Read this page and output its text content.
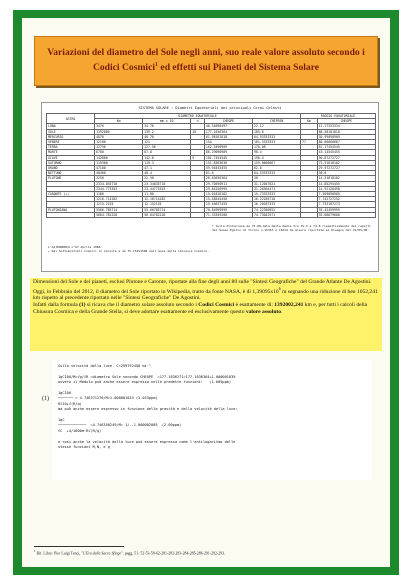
Variazioni del diametro del Sole negli anni, suo reale valore assoluto secondo i
Codici Cosmici$^1$ ed effetti sui Pianeti del Sistema Solare
SISTEMA SOLARE : Diametri Equatoriali dei principali Corpi Celesti
ASTRO	DIAMETRO EQUATORIALE					RAGGIO EQUATORIALE	
	Km	mm x 10	n	CHEOPE	CHEFREN	Km	CHEOPE
LUNA	3476	34.76		48.34698497	22.12		12.17333334
SOLE	1392000	139.2	10	177.1636364	185.6		88.58181818
MERCURIO	4870	48.70		61.98181818	64.93333333		30.99090909
VENERE	12100	121		154	161.3333333	77	80.66666667
TERRA	12756	127.56		162.3490909	170.08		81.17454545
MARTE	6780	67.8		86.29090909	90.4		43.14545455
GIOVE	142800	142.8	9	181.7454545	190.4		90.87272727
SATURNO	119300	119.3		151.8363636	159.0666667		75.91818182
URANO	47100	47.1		59.94545455	62.8		29.97272727
NETTUNO	48400	48.4		61.6	64.53333333		30.8
PLUTONE	2250	22.50		28.63636364	30		14.31818182
	2334.035716	23.34035716		29.70590911	31.12047621		14.85295455
	2344.773353	23.44773353		29.84256995	31.26364471		14.92128498
CARONTE (+)	1180	11.80		15.01818182	15.73333333		7.509090909
	1216.714282	12.16714282		15.48545450	16.22285710		7.742727252
	1215.2155	12.152155		15.46637455	16.20287333		7.733187273
PLUTONIANA	5566.785714	55.66785714		70.84999999	74.22380952		35.42499999
	5604.782228	56.04782228		71.33359200	74.73042971		35.66679600
* Sulla Plutoniana da 75.08,data della media tra 75.3 e 74.8 rispettivamente dei reperti del museo Egizio di Torino n.15363 e 15614 da misure riportate al Disegno del 21/05/90.
L'ASTRONOMIA n°67 Aprile 1988
+ Dai Sottomultipli Cosmici in Caronte e da 75.15151508 dall'asse della Chiusura Cosmica .

Dimensioni del Sole e dei pianeti, esclusi Plutone e Caronte, riportate alla fine degli anni 80 sulle "Sintesi Geografiche" del Grande Atlante De Agostini.

Oggi, in Febbraio del 2012, il diametro del Sole riportato in Wikipedia, tratto da fonte NASA, è di $1,39095x10^6$ m segnando una riduzione di ben 1052,241 km rispetto al precedente riportato nelle "Sintesi Geografiche" De Agostini.

Infatti dalla formula (1) si ricava che il diametro solare assoluto secondo i Codici Cosmici è esattamente di: 1392002,241 km e, per tutti i calcoli della Chiusura Cosmica e della Grande Stella, si deve adottare esattamente ed esclusivamente questo valore assoluto.

Sulla velocità della luce  C=299792458 ms⁻¹

1gC100/M=√g/√R =diametro Sole secondo CHEOPE  =177.1636271=177.1636364+1.000001839
ovvero il Modulo può anche essere espresso nelle predette funzioni:   (1.609ppm)

1gC100
─────── = 4.746371276/M=1.000001033 (1.033ppm)
R√10+√(R/g)
ma può anche essere espresso in funzione della gravità e della velocità della luce:

1gC
─────────────  =4.746350249/M= 1/..1.000002085  (2.09ppm)
√C  +4/1000π·R√(R/g)

e cosi anche la velocità della luce può essere espressa come l'antilogaritmo delle
stesse funzioni M,N, e g
(1)
$^1$ Rif. Libro: Pier Luigi Tenci, "L'Era della Sacra Sfinge", pagg. 51- 52-53-58-62-281-282-283-284-285-286-291-292-293.
